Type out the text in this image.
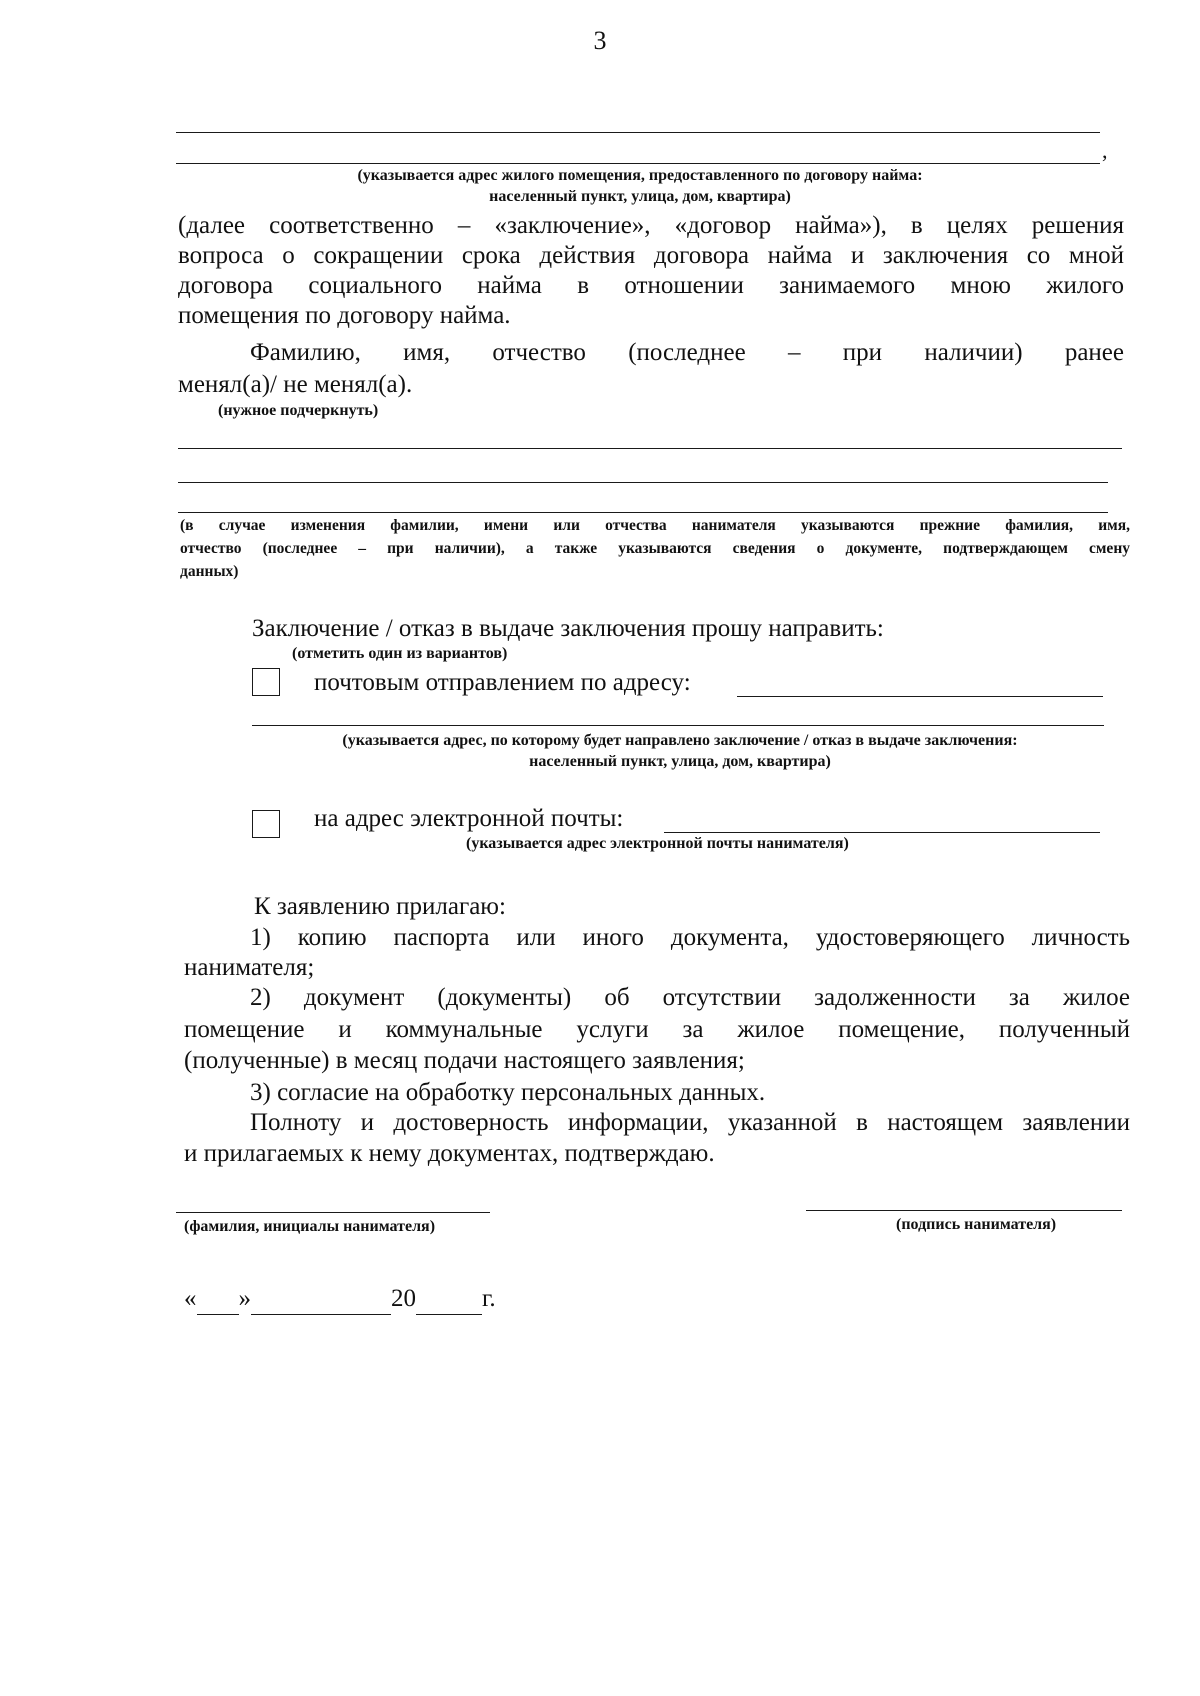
3
,
(указывается адрес жилого помещения, предоставленного по договору найма:
населенный пункт, улица, дом, квартира)
(далее соответственно – «заключение», «договор найма»), в целях решения
вопроса о сокращении срока действия договора найма и заключения со мной
договора социального найма в отношении занимаемого мною жилого
помещения по договору найма.
Фамилию, имя, отчество (последнее – при наличии) ранее
менял(а)/ не менял(а).
(нужное подчеркнуть)
(в случае изменения фамилии, имени или отчества нанимателя указываются прежние фамилия, имя,
отчество (последнее – при наличии), а также указываются сведения о документе, подтверждающем смену
данных)
Заключение / отказ в выдаче заключения прошу направить:
(отметить один из вариантов)
почтовым отправлением по адресу:
(указывается адрес, по которому будет направлено заключение / отказ в выдаче заключения:
населенный пункт, улица, дом, квартира)
на адрес электронной почты:
(указывается адрес электронной почты нанимателя)
К заявлению прилагаю:
1) копию паспорта или иного документа, удостоверяющего личность
нанимателя;
2) документ (документы) об отсутствии задолженности за жилое
помещение и коммунальные услуги за жилое помещение, полученный
(полученные) в месяц подачи настоящего заявления;
3) согласие на обработку персональных данных.
Полноту и достоверность информации, указанной в настоящем заявлении
и прилагаемых к нему документах, подтверждаю.
(фамилия, инициалы нанимателя)	(подпись нанимателя)
« »	20	г.
